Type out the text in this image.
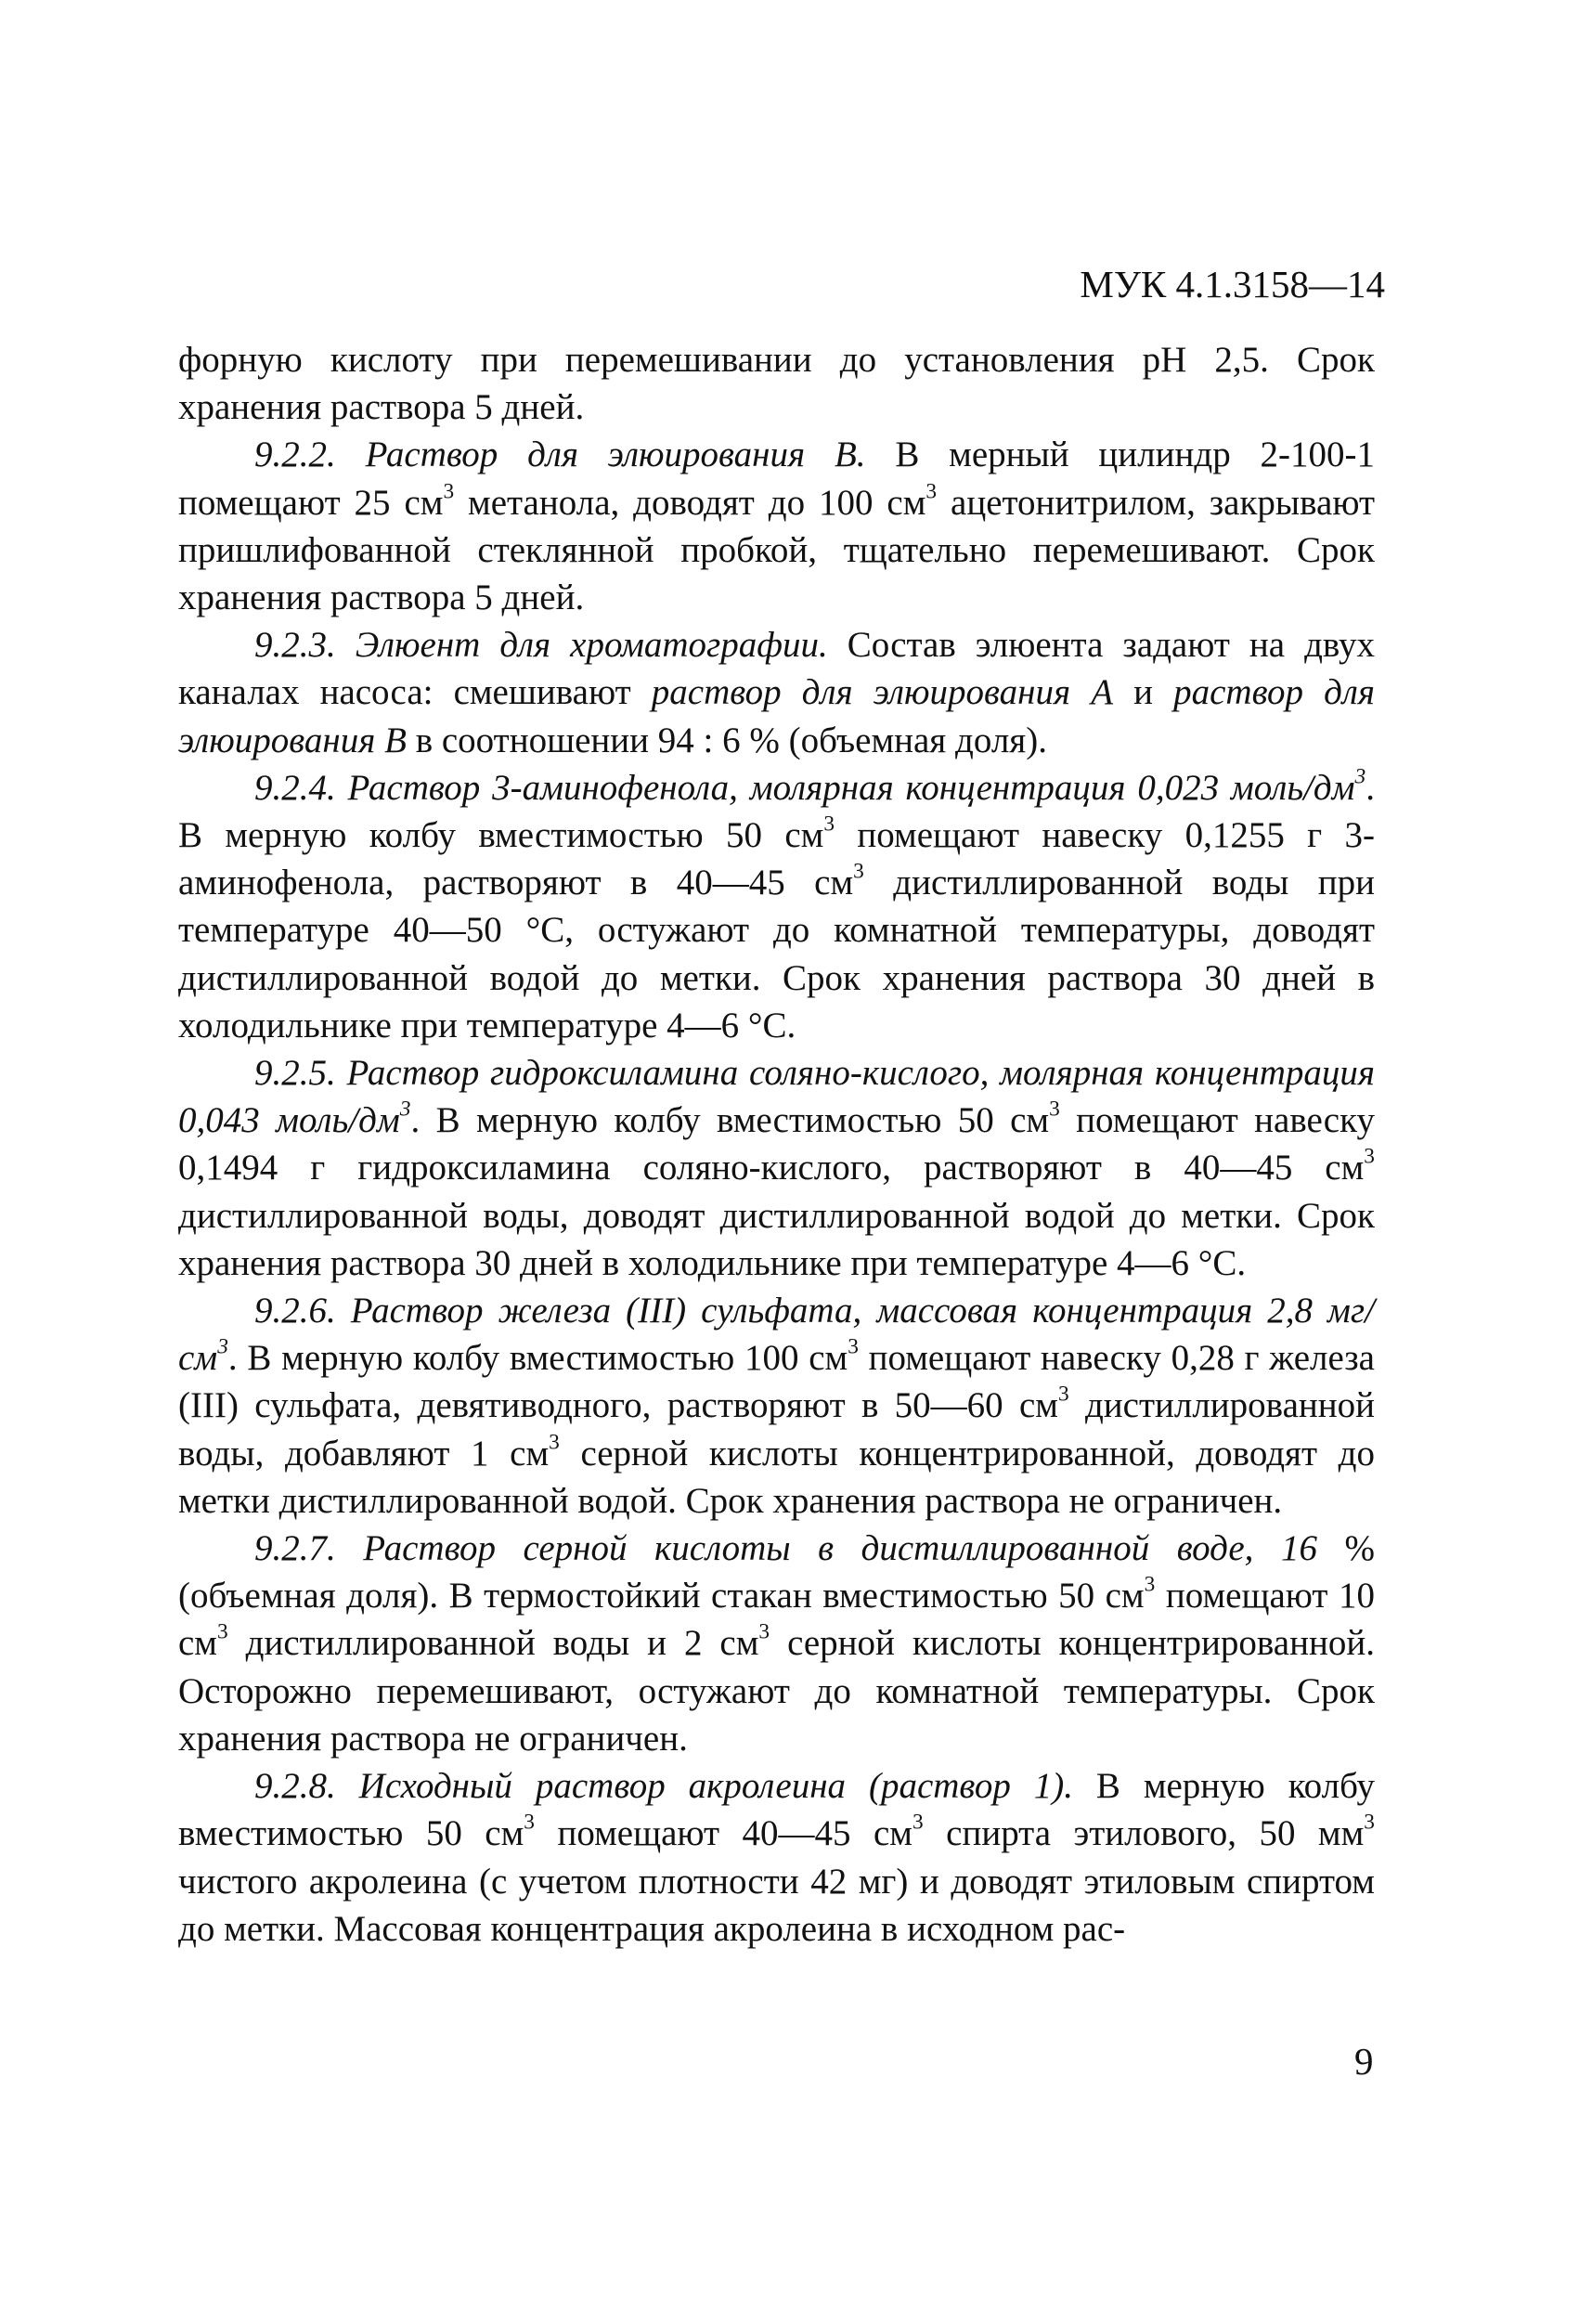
МУК 4.1.3158—14

форную кислоту при перемешивании до установления рН 2,5. Срок хранения раствора 5 дней.

9.2.2. Раствор для элюирования B. В мерный цилиндр 2-100-1 помещают 25 $см^3$ метанола, доводят до 100 $см^3$ ацетонитрилом, закрывают пришлифованной стеклянной пробкой, тщательно перемешивают. Срок хранения раствора 5 дней.

9.2.3. Элюент для хроматографии. Состав элюента задают на двух каналах насоса: смешивают раствор для элюирования A и раствор для элюирования B в соотношении 94 : 6 % (объемная доля).

9.2.4. Раствор 3-аминофенола, молярная концентрация 0,023 моль/$дм^3$. В мерную колбу вместимостью 50 $см^3$ помещают навеску 0,1255 г 3-аминофенола, растворяют в 40—45 $см^3$ дистиллированной воды при температуре 40—50 °С, остужают до комнатной температуры, доводят дистиллированной водой до метки. Срок хранения раствора 30 дней в холодильнике при температуре 4—6 °С.

9.2.5. Раствор гидроксиламина соляно-кислого, молярная концентрация 0,043 моль/$дм^3$. В мерную колбу вместимостью 50 $см^3$ помещают навеску 0,1494 г гидроксиламина соляно-кислого, растворяют в 40—45 $см^3$ дистиллированной воды, доводят дистиллированной водой до метки. Срок хранения раствора 30 дней в холодильнике при температуре 4—6 °С.

9.2.6. Раствор железа (III) сульфата, массовая концентрация 2,8 $мг/см^3$. В мерную колбу вместимостью 100 $см^3$ помещают навеску 0,28 г железа (III) сульфата, девятиводного, растворяют в 50—60 $см^3$ дистиллированной воды, добавляют 1 $см^3$ серной кислоты концентрированной, доводят до метки дистиллированной водой. Срок хранения раствора не ограничен.

9.2.7. Раствор серной кислоты в дистиллированной воде, 16 % (объемная доля). В термостойкий стакан вместимостью 50 $см^3$ помещают 10 $см^3$ дистиллированной воды и 2 $см^3$ серной кислоты концентрированной. Осторожно перемешивают, остужают до комнатной температуры. Срок хранения раствора не ограничен.

9.2.8. Исходный раствор акролеина (раствор 1). В мерную колбу вместимостью 50 $см^3$ помещают 40—45 $см^3$ спирта этилового, 50 $мм^3$ чистого акролеина (с учетом плотности 42 мг) и доводят этиловым спиртом до метки. Массовая концентрация акролеина в исходном рас-

9
